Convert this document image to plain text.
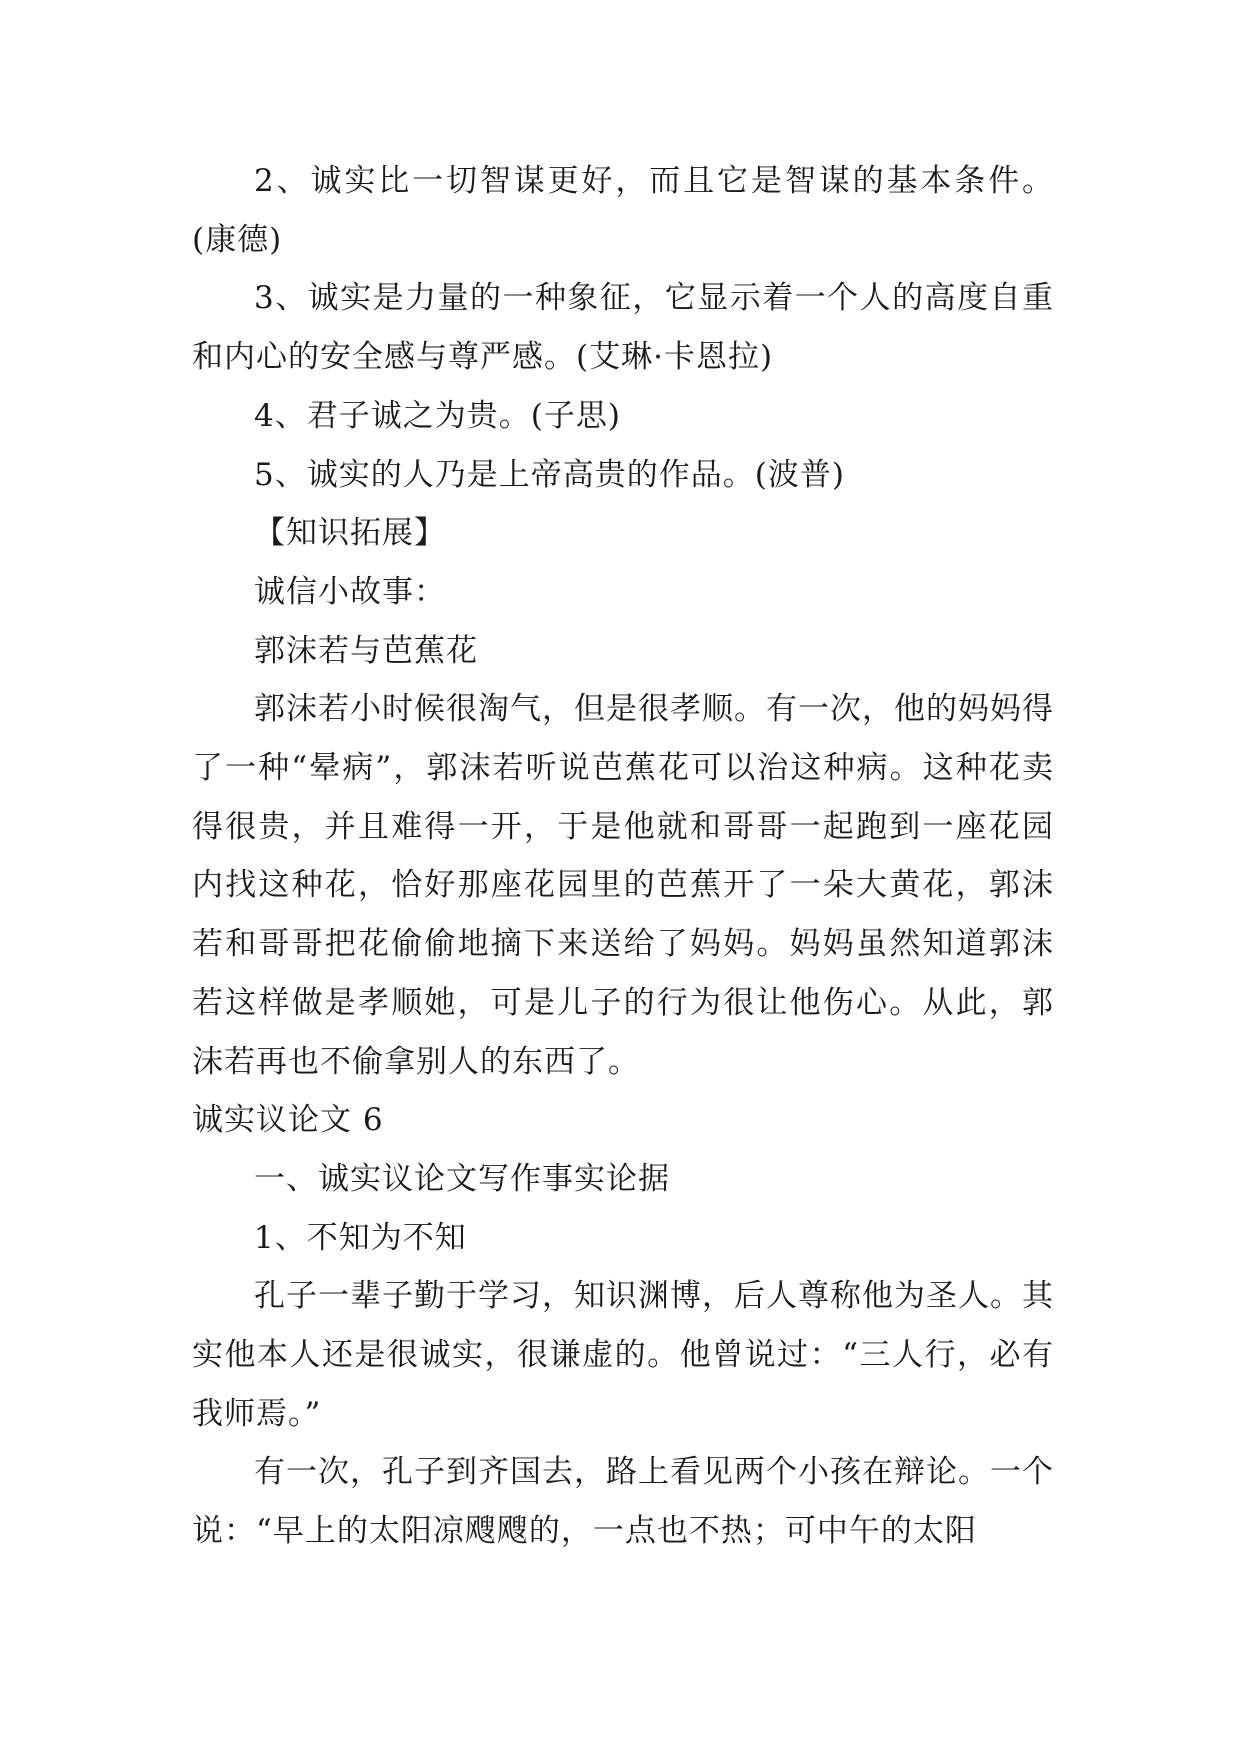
2、诚实比一切智谋更好，而且它是智谋的基本条件。(康德)

3、诚实是力量的一种象征，它显示着一个人的高度自重和内心的安全感与尊严感。(艾琳·卡恩拉)

4、君子诚之为贵。(子思)

5、诚实的人乃是上帝高贵的作品。(波普)

【知识拓展】

诚信小故事：

郭沫若与芭蕉花

郭沫若小时候很淘气，但是很孝顺。有一次，他的妈妈得了一种“晕病”，郭沫若听说芭蕉花可以治这种病。这种花卖得很贵，并且难得一开，于是他就和哥哥一起跑到一座花园内找这种花，恰好那座花园里的芭蕉开了一朵大黄花，郭沫若和哥哥把花偷偷地摘下来送给了妈妈。妈妈虽然知道郭沫若这样做是孝顺她，可是儿子的行为很让他伤心。从此，郭沫若再也不偷拿别人的东西了。

诚实议论文 6

一、诚实议论文写作事实论据

1、不知为不知

孔子一辈子勤于学习，知识渊博，后人尊称他为圣人。其实他本人还是很诚实，很谦虚的。他曾说过：“三人行，必有我师焉。”

有一次，孔子到齐国去，路上看见两个小孩在辩论。一个说：“早上的太阳凉飕飕的，一点也不热；可中午的太阳
